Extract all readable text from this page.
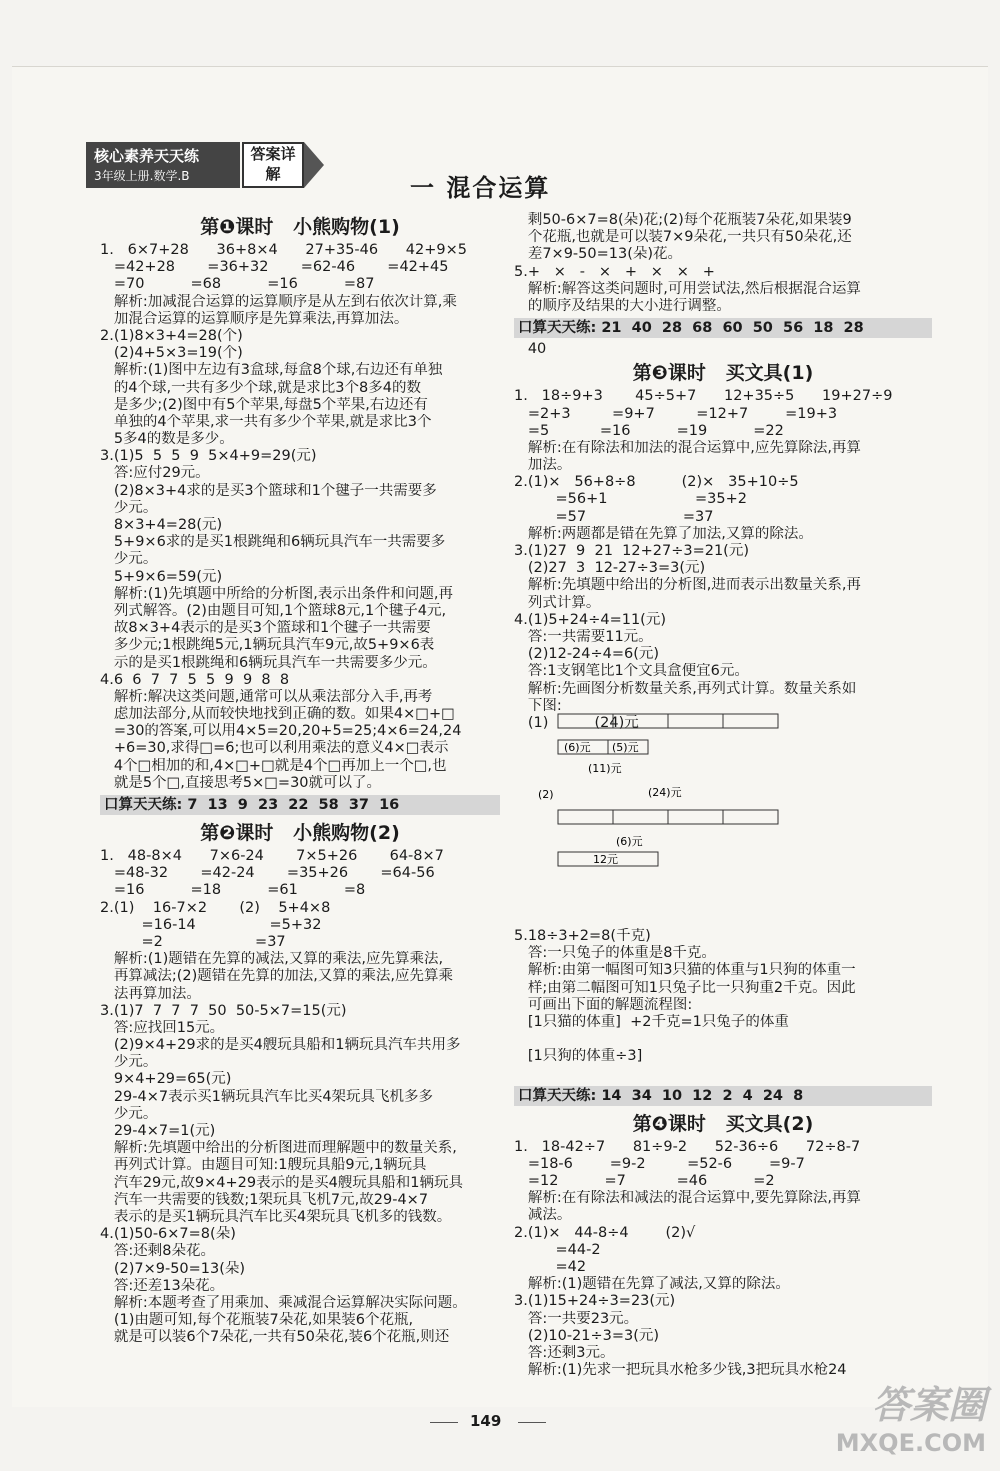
核心素养天天练
3年级上册.数学.B
答案详解	一 混合运算
第❶课时   小熊购物(1)
1.   6×7+28      36+8×4      27+35-46      42+9×5
=42+28       =36+32       =62-46       =42+45
=70          =68          =16          =87
解析:加减混合运算的运算顺序是从左到右依次计算,乘
加混合运算的运算顺序是先算乘法,再算加法。
2.(1)8×3+4=28(个)
(2)4+5×3=19(个)
解析:(1)图中左边有3盒球,每盒8个球,右边还有单独
的4个球,一共有多少个球,就是求比3个8多4的数
是多少;(2)图中有5个苹果,每盘5个苹果,右边还有
单独的4个苹果,求一共有多少个苹果,就是求比3个
5多4的数是多少。
3.(1)5  5  5  9  5×4+9=29(元)
答:应付29元。
(2)8×3+4求的是买3个篮球和1个毽子一共需要多
少元。
8×3+4=28(元)
5+9×6求的是买1根跳绳和6辆玩具汽车一共需要多
少元。
5+9×6=59(元)
解析:(1)先填题中所给的分析图,表示出条件和问题,再
列式解答。(2)由题目可知,1个篮球8元,1个毽子4元,
故8×3+4表示的是买3个篮球和1个毽子一共需要
多少元;1根跳绳5元,1辆玩具汽车9元,故5+9×6表
示的是买1根跳绳和6辆玩具汽车一共需要多少元。
4.6  6  7  7  5  5  9  9  8  8
解析:解决这类问题,通常可以从乘法部分入手,再考
虑加法部分,从而较快地找到正确的数。如果4×□+□
=30的答案,可以用4×5=20,20+5=25;4×6=24,24
+6=30,求得□=6;也可以利用乘法的意义4×□表示
4个□相加的和,4×□+□就是4个□再加上一个□,也
就是5个□,直接思考5×□=30就可以了。
口算天天练: 7  13  9  23  22  58  37  16
第❷课时   小熊购物(2)
1.   48-8×4      7×6-24       7×5+26       64-8×7
=48-32       =42-24       =35+26       =64-56
=16          =18          =61          =8
2.(1)    16-7×2       (2)    5+4×8
=16-14                =5+32
=2                    =37
解析:(1)题错在先算的减法,又算的乘法,应先算乘法,
再算减法;(2)题错在先算的加法,又算的乘法,应先算乘
法再算加法。
3.(1)7  7  7  7  50  50-5×7=15(元)
答:应找回15元。
(2)9×4+29求的是买4艘玩具船和1辆玩具汽车共用多
少元。
9×4+29=65(元)
29-4×7表示买1辆玩具汽车比买4架玩具飞机多多
少元。
29-4×7=1(元)
解析:先填题中给出的分析图进而理解题中的数量关系,
再列式计算。由题目可知:1艘玩具船9元,1辆玩具
汽车29元,故9×4+29表示的是买4艘玩具船和1辆玩具
汽车一共需要的钱数;1架玩具飞机7元,故29-4×7
表示的是买1辆玩具汽车比买4架玩具飞机多的钱数。
4.(1)50-6×7=8(朵)
答:还剩8朵花。
(2)7×9-50=13(朵)
答:还差13朵花。
解析:本题考查了用乘加、乘减混合运算解决实际问题。
(1)由题可知,每个花瓶装7朵花,如果装6个花瓶,
就是可以装6个7朵花,一共有50朵花,装6个花瓶,则还
剩50-6×7=8(朵)花;(2)每个花瓶装7朵花,如果装9
个花瓶,也就是可以装7×9朵花,一共只有50朵花,还
差7×9-50=13(朵)花。
5.+   ×   -   ×   +   ×   ×   +
解析:解答这类问题时,可用尝试法,然后根据混合运算
的顺序及结果的大小进行调整。
口算天天练: 21  40  28  68  60  50  56  18  28
40
第❸课时   买文具(1)
1.   18÷9+3       45÷5+7      12+35÷5      19+27÷9
=2+3         =9+7         =12+7        =19+3
=5           =16          =19          =22
解析:在有除法和加法的混合运算中,应先算除法,再算
加法。
2.(1)×   56+8÷8          (2)×   35+10÷5
=56+1                   =35+2
=57                     =37
解析:两题都是错在先算了加法,又算的除法。
3.(1)27  9  21  12+27÷3=21(元)
(2)27  3  12-27÷3=3(元)
解析:先填题中给出的分析图,进而表示出数量关系,再
列式计算。
4.(1)5+24÷4=11(元)
答:一共需要11元。
(2)12-24÷4=6(元)
答:1支钢笔比1个文具盒便宜6元。
解析:先画图分析数量关系,再列式计算。数量关系如
下图:
(1)          (24)元

5.18÷3+2=8(千克)
答:一只兔子的体重是8千克。
解析:由第一幅图可知3只猫的体重与1只狗的体重一
样;由第二幅图可知1只兔子比一只狗重2千克。因此
可画出下面的解题流程图:
[1只猫的体重]  +2千克=1只兔子的体重

[1只狗的体重÷3]

口算天天练: 14  34  10  12  2  4  24  8
第❹课时   买文具(2)
1.   18-42÷7      81÷9-2      52-36÷6      72÷8-7
=18-6        =9-2         =52-6        =9-7
=12          =7           =46          =2
解析:在有除法和减法的混合运算中,要先算除法,再算
减法。
2.(1)×   44-8÷4        (2)√
=44-2
=42
解析:(1)题错在先算了减法,又算的除法。
3.(1)15+24÷3=23(元)
答:一共要23元。
(2)10-21÷3=3(元)
答:还剩3元。
解析:(1)先求一把玩具水枪多少钱,3把玩具水枪24
(6)元 (5)元
(11)元
(2)	(24)元
(6)元
12元
149	答案圈
MXQE.COM
